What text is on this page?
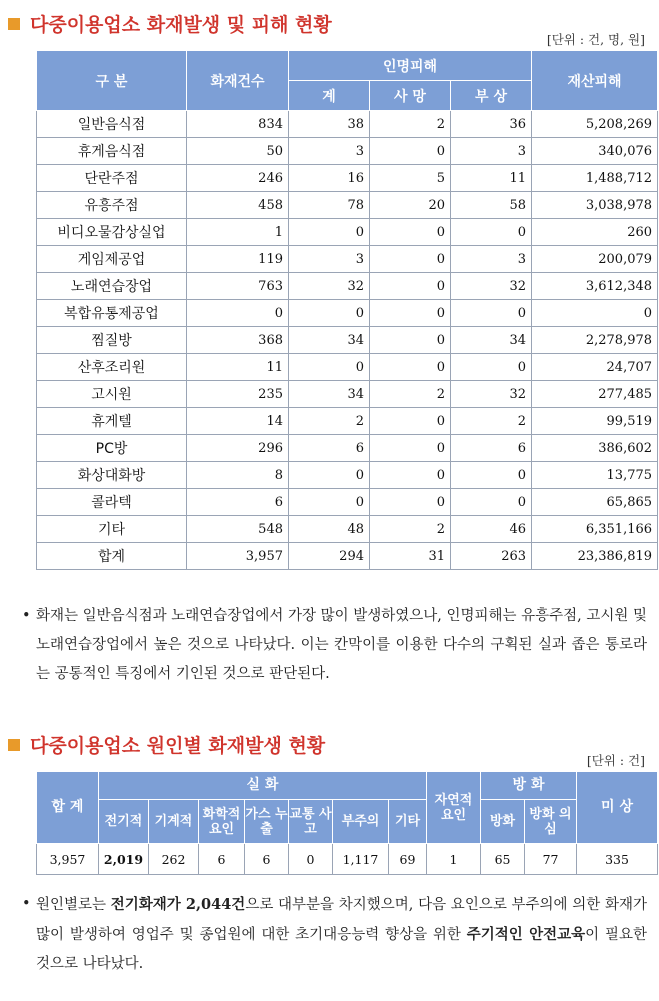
다중이용업소 화재발생 및 피해 현황
[단위 : 건, 명, 원]
구 분	화재건수	인명피해			재산피해
		계	사 망	부 상	
일반음식점	834	38	2	36	5,208,269
휴게음식점	50	3	0	3	340,076
단란주점	246	16	5	11	1,488,712
유흥주점	458	78	20	58	3,038,978
비디오물감상실업	1	0	0	0	260
게임제공업	119	3	0	3	200,079
노래연습장업	763	32	0	32	3,612,348
복합유통제공업	0	0	0	0	0
찜질방	368	34	0	34	2,278,978
산후조리원	11	0	0	0	24,707
고시원	235	34	2	32	277,485
휴게텔	14	2	0	2	99,519
PC방	296	6	0	6	386,602
화상대화방	8	0	0	0	13,775
콜라텍	6	0	0	0	65,865
기타	548	48	2	46	6,351,166
합계	3,957	294	31	263	23,386,819
• 화재는 일반음식점과 노래연습장업에서 가장 많이 발생하였으나, 인명피해는 유흥주점, 고시원 및 노래연습장업에서 높은 것으로 나타났다. 이는 칸막이를 이용한 다수의 구획된 실과 좁은 통로라는 공통적인 특징에서 기인된 것으로 판단된다.
다중이용업소 원인별 화재발생 현황
[단위 : 건]
합 계	실 화							자연적 요인	방 화		미 상
	전기적	기계적	화학적 요인	가스 누출	교통 사고	부주의	기타		방화	방화 의심	
3,957	2,019	262	6	6	0	1,117	69	1	65	77	335
• 원인별로는 전기화재가 2,044건으로 대부분을 차지했으며, 다음 요인으로 부주의에 의한 화재가 많이 발생하여 영업주 및 종업원에 대한 초기대응능력 향상을 위한 주기적인 안전교육이 필요한 것으로 나타났다.
